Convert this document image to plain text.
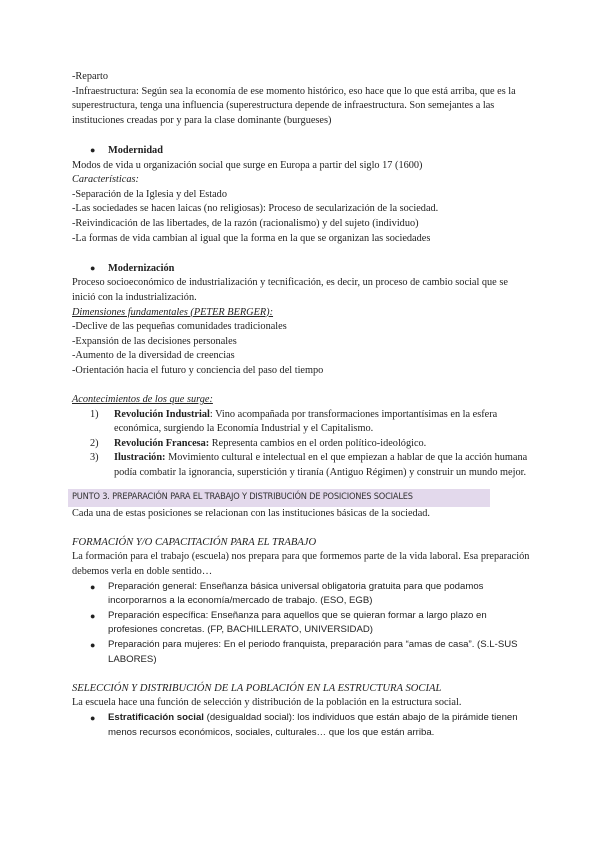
-Reparto

-Infraestructura: Según sea la economía de ese momento histórico, eso hace que lo que está arriba, que es la superestructura, tenga una influencia (superestructura depende de infraestructura. Son semejantes a las instituciones creadas por y para la clase dominante (burgueses)

●	Modernidad

Modos de vida u organización social que surge en Europa a partir del siglo 17 (1600)

Características:

-Separación de la Iglesia y del Estado

-Las sociedades se hacen laicas (no religiosas): Proceso de secularización de la sociedad.

-Reivindicación de las libertades, de la razón (racionalismo) y del sujeto (individuo)

-La formas de vida cambian al igual que la forma en la que se organizan las sociedades

●	Modernización

Proceso socioeconómico de industrialización y tecnificación, es decir, un proceso de cambio social que se inició con la industrialización.

Dimensiones fundamentales (PETER BERGER):

-Declive de las pequeñas comunidades tradicionales

-Expansión de las decisiones personales

-Aumento de la diversidad de creencias

-Orientación hacia el futuro y conciencia del paso del tiempo

Acontecimientos de los que surge:

1)	Revolución Industrial: Vino acompañada por transformaciones importantísimas en la esfera económica, surgiendo la Economía Industrial y el Capitalismo.
2)	Revolución Francesa: Representa cambios en el orden político-ideológico.
3)	Ilustración: Movimiento cultural e intelectual en el que empiezan a hablar de que la acción humana podía combatir la ignorancia, superstición y tiranía (Antiguo Régimen) y construir un mundo mejor.
PUNTO 3. PREPARACIÓN PARA EL TRABAJO Y DISTRIBUCIÓN DE POSICIONES SOCIALES

Cada una de estas posiciones se relacionan con las instituciones básicas de la sociedad.

FORMACIÓN Y/O CAPACITACIÓN PARA EL TRABAJO

La formación para el trabajo (escuela) nos prepara para que formemos parte de la vida laboral. Esa preparación debemos verla en doble sentido…

●	Preparación general: Enseñanza básica universal obligatoria gratuita para que podamos incorporarnos a la economía/mercado de trabajo. (ESO, EGB)
●	Preparación específica: Enseñanza para aquellos que se quieran formar a largo plazo en profesiones concretas. (FP, BACHILLERATO, UNIVERSIDAD)
●	Preparación para mujeres: En el periodo franquista, preparación para “amas de casa”. (S.L-SUS LABORES)

SELECCIÓN Y DISTRIBUCIÓN DE LA POBLACIÓN EN LA ESTRUCTURA SOCIAL

La escuela hace una función de selección y distribución de la población en la estructura social.

●	Estratificación social (desigualdad social): los individuos que están abajo de la pirámide tienen menos recursos económicos, sociales, culturales… que los que están arriba.
